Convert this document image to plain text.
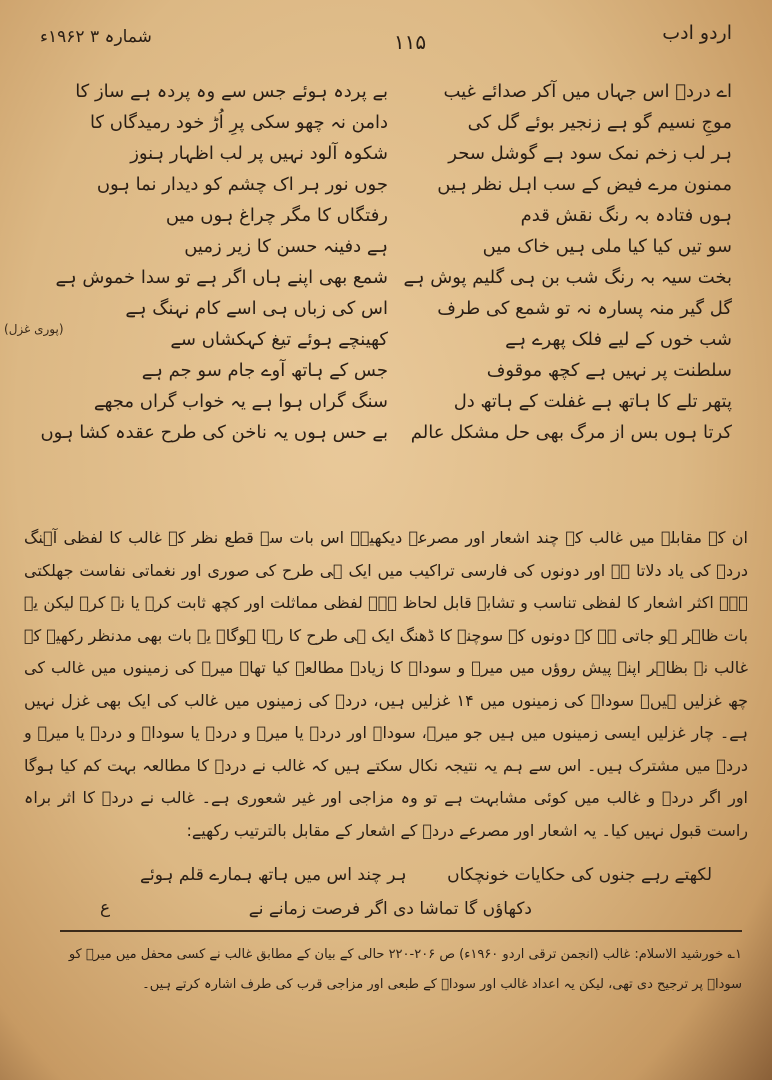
شمارہ ۳ ۱۹۶۲ء	۱۱۵	اردو ادب
اے دردؔ اس جہاں میں آکر صدائے غیب
بے پردہ ہوئے جس سے وہ پردہ ہے ساز کا
موجِ نسیم گو ہے زنجیر بوئے گل کی
دامن نہ چھو سکی پرِ اُڑ خود رمیدگاں کا
ہر لب زخم نمک سود ہے گوشل سحر
شکوہ آلود نہیں پر لب اظہار ہنوز
ممنون مرے فیض کے سب اہل نظر ہیں
جوں نور ہر اک چشم کو دیدار نما ہوں
ہوں فتادہ بہ رنگ نقش قدم
رفتگاں کا مگر چراغ ہوں میں
سو تیں کیا کیا ملی ہیں خاک میں
ہے دفینہ حسن کا زیر زمیں
بخت سیہ بہ رنگ شب بن ہی گلیم پوش ہے
شمع بھی اپنے ہاں اگر ہے تو سدا خموش ہے
گل گیر منہ پسارہ نہ تو شمع کی طرف
اس کی زباں ہی اسے کام نہنگ ہے
شب خوں کے لیے فلک پھرے ہے
کھینچے ہوئے تیغ کہکشاں سے
سلطنت پر نہیں ہے کچھ موقوف
جس کے ہاتھ آوے جام سو جم ہے
پتھر تلے کا ہاتھ ہے غفلت کے ہاتھ دل
سنگ گراں ہوا ہے یہ خواب گراں مجھے
کرتا ہوں بس از مرگ بھی حل مشکل عالم
بے حس ہوں یہ ناخن کی طرح عقدہ کشا ہوں
(پوری غزل)
ان کے مقابلے میں غالب کے چند اشعار اور مصرعے دیکھیے۔ اس بات سے قطع نظر کہ غالب کا لفظی آہنگ دردؔ کی یاد دلاتا ہے اور دونوں کی فارسی تراکیب میں ایک ہی طرح کی صوری اور نغماتی نفاست جھلکتی ہے۔ اکثر اشعار کا لفظی تناسب و تشابہ قابل لحاظ ہے۔ لفظی مماثلت اور کچھ ثابت کرے یا نہ کرے لیکن یہ بات ظاہر ہو جاتی ہے کہ دونوں کے سوچنے کا ڈھنگ ایک ہی طرح کا رہا ہوگا۔ یہ بات بھی مدنظر رکھیے کہ غالب نے بظاہر اپنے پیش روؤں میں میرؔ و سوداؔ کا زیادہ مطالعہ کیا تھا۔ میرؔ کی زمینوں میں غالب کی چھ غزلیں ہیں۔ سوداؔ کی زمینوں میں ۱۴ غزلیں ہیں، دردؔ کی زمینوں میں غالب کی ایک بھی غزل نہیں ہے۔ چار غزلیں ایسی زمینوں میں ہیں جو میرؔ، سوداؔ اور دردؔ یا میرؔ و دردؔ یا سوداؔ و دردؔ یا میرؔ و دردؔ میں مشترک ہیں۔ اس سے ہم یہ نتیجہ نکال سکتے ہیں کہ غالب نے دردؔ کا مطالعہ بہت کم کیا ہوگا اور اگر دردؔ و غالب میں کوئی مشابہت ہے تو وہ مزاجی اور غیر شعوری ہے۔ غالب نے دردؔ کا اثر براہ راست قبول نہیں کیا۔ یہ اشعار اور مصرعے دردؔ کے اشعار کے مقابل بالترتیب رکھیے:
لکھتے رہے جنوں کی حکایات خونچکاں
ہر چند اس میں ہاتھ ہمارے قلم ہوئے
دکھاؤں گا تماشا دی اگر فرصت زمانے نے
ع
۱؎ خورشید الاسلام: غالب (انجمن ترقی اردو ۱۹۶۰ء) ص ۲۰۶-۲۲۰ حالی کے بیان کے مطابق غالب نے کسی محفل میں میرؔ کو سوداؔ پر ترجیح دی تھی، لیکن یہ اعداد غالب اور سوداؔ کے طبعی اور مزاجی قرب کی طرف اشارہ کرتے ہیں۔
